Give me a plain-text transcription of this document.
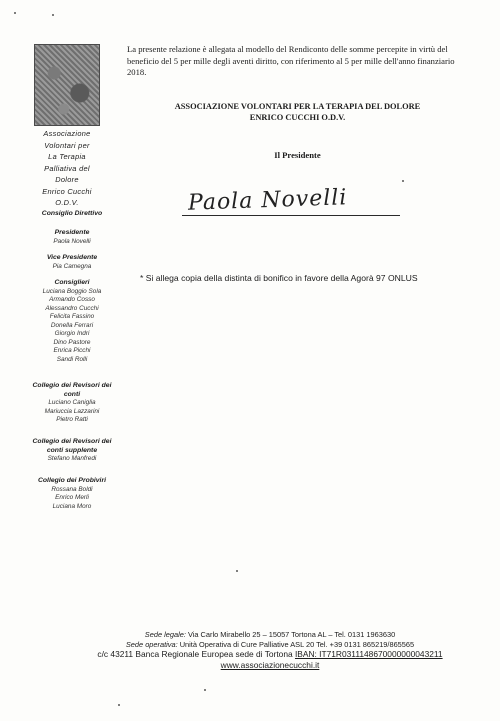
Associazione
Volontari per
La Terapia
Palliativa del
Dolore
Enrico Cucchi
O.D.V.
Consiglio Direttivo
Presidente
Paola Novelli
Vice Presidente
Pia Camegna
Consiglieri
Luciana Boggio Sola
Armando Cosso
Alessandro Cucchi
Felicita Fassino
Donella Ferrari
Giorgio Indri
Dino Pastore
Enrica Picchi
Sandi Rolli
Collegio dei Revisori dei conti
Luciano Caniglia
Mariuccia Lazzarini
Pietro Ratti
Collegio dei Revisori dei conti supplente
Stefano Manfredi
Collegio dei Probiviri
Rossana Boldi
Enrico Merli
Luciana Moro
La presente relazione è allegata al modello del Rendiconto delle somme percepite in virtù del beneficio del 5 per mille degli aventi diritto, con riferimento al 5 per mille dell'anno finanziario 2018.
ASSOCIAZIONE VOLONTARI PER LA TERAPIA DEL DOLORE
ENRICO CUCCHI O.D.V.
Il Presidente
Paola Novelli
* Si allega copia della distinta di bonifico in favore della Agorà 97 ONLUS
Sede legale: Via Carlo Mirabello 25 – 15057 Tortona AL – Tel. 0131 1963630
Sede operativa: Unità Operativa di Cure Palliative ASL 20 Tel. +39 0131 865219/865565
c/c 43211 Banca Regionale Europea sede di Tortona IBAN: IT71R0311148670000000043211
www.associazionecucchi.it
